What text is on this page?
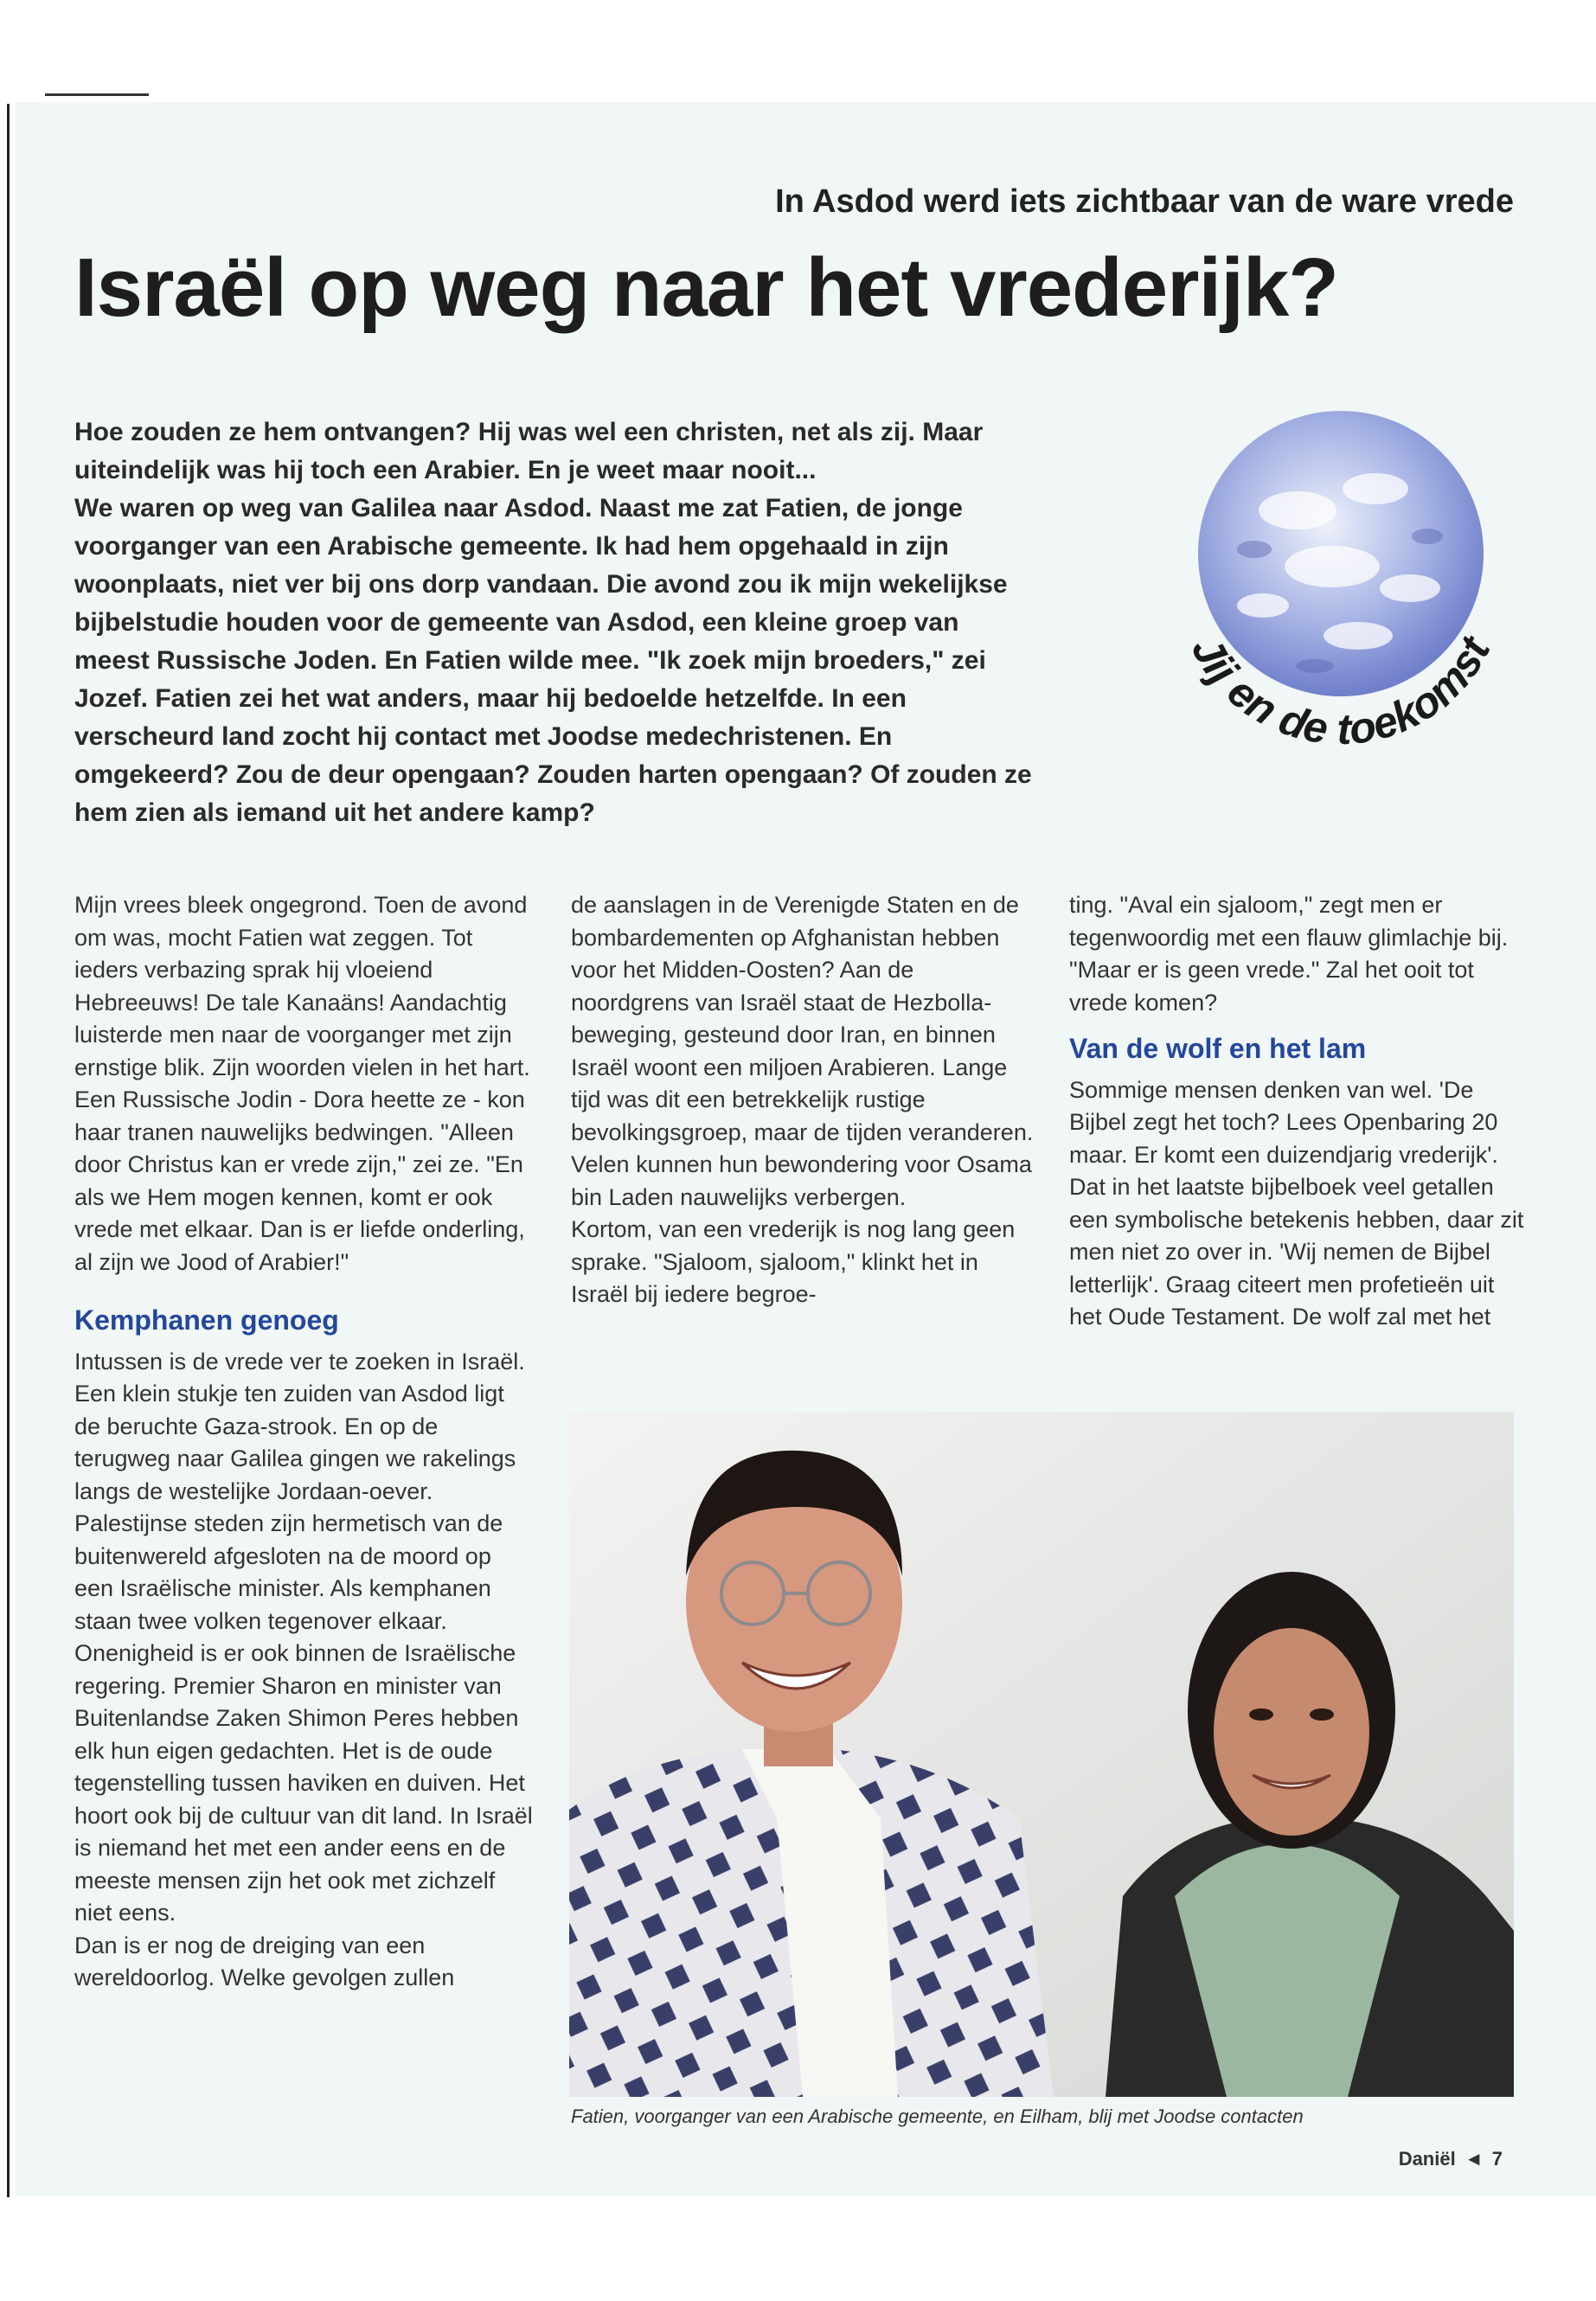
In Asdod werd iets zichtbaar van de ware vrede
Israël op weg naar het vrederijk?

Hoe zouden ze hem ontvangen? Hij was wel een christen, net als zij. Maar uiteindelijk was hij toch een Arabier. En je weet maar nooit...

We waren op weg van Galilea naar Asdod. Naast me zat Fatien, de jonge voorganger van een Arabische gemeente. Ik had hem opgehaald in zijn woonplaats, niet ver bij ons dorp vandaan. Die avond zou ik mijn wekelijkse bijbelstudie houden voor de gemeente van Asdod, een kleine groep van meest Russische Joden. En Fatien wilde mee. "Ik zoek mijn broeders," zei Jozef. Fatien zei het wat anders, maar hij bedoelde hetzelfde. In een verscheurd land zocht hij contact met Joodse medechristenen. En omgekeerd? Zou de deur opengaan? Zouden harten opengaan? Of zouden ze hem zien als iemand uit het andere kamp?

Jij en de toekomst

Mijn vrees bleek ongegrond. Toen de avond om was, mocht Fatien wat zeggen. Tot ieders verbazing sprak hij vloeiend Hebreeuws! De tale Kanaäns! Aandachtig luisterde men naar de voorganger met zijn ernstige blik. Zijn woorden vielen in het hart.

Een Russische Jodin - Dora heette ze - kon haar tranen nauwelijks bedwingen. "Alleen door Christus kan er vrede zijn," zei ze. "En als we Hem mogen kennen, komt er ook vrede met elkaar. Dan is er liefde onderling, al zijn we Jood of Arabier!"

Kemphanen genoeg

Intussen is de vrede ver te zoeken in Israël. Een klein stukje ten zuiden van Asdod ligt de beruchte Gaza-strook. En op de terugweg naar Galilea gingen we rakelings langs de westelijke Jordaan-oever. Palestijnse steden zijn hermetisch van de buitenwereld afgesloten na de moord op een Israëlische minister. Als kemphanen staan twee volken tegenover elkaar.

Onenigheid is er ook binnen de Israëlische regering. Premier Sharon en minister van Buitenlandse Zaken Shimon Peres hebben elk hun eigen gedachten. Het is de oude tegenstelling tussen haviken en duiven. Het hoort ook bij de cultuur van dit land. In Israël is niemand het met een ander eens en de meeste mensen zijn het ook met zichzelf niet eens.

Dan is er nog de dreiging van een wereldoorlog. Welke gevolgen zullen

de aanslagen in de Verenigde Staten en de bombardementen op Afghanistan hebben voor het Midden-Oosten? Aan de noordgrens van Israël staat de Hezbolla-beweging, gesteund door Iran, en binnen Israël woont een miljoen Arabieren. Lange tijd was dit een betrekkelijk rustige bevolkingsgroep, maar de tijden veranderen. Velen kunnen hun bewondering voor Osama bin Laden nauwelijks verbergen.

Kortom, van een vrederijk is nog lang geen sprake. "Sjaloom, sjaloom," klinkt het in Israël bij iedere begroe-

ting. "Aval ein sjaloom," zegt men er tegenwoordig met een flauw glimlachje bij. "Maar er is geen vrede." Zal het ooit tot vrede komen?

Van de wolf en het lam

Sommige mensen denken van wel. 'De Bijbel zegt het toch? Lees Openbaring 20 maar. Er komt een duizendjarig vrederijk'. Dat in het laatste bijbelboek veel getallen een symbolische betekenis hebben, daar zit men niet zo over in. 'Wij nemen de Bijbel letterlijk'. Graag citeert men profetieën uit het Oude Testament. De wolf zal met het

Fatien, voorganger van een Arabische gemeente, en Eilham, blij met Joodse contacten
Daniël ◄ 7
